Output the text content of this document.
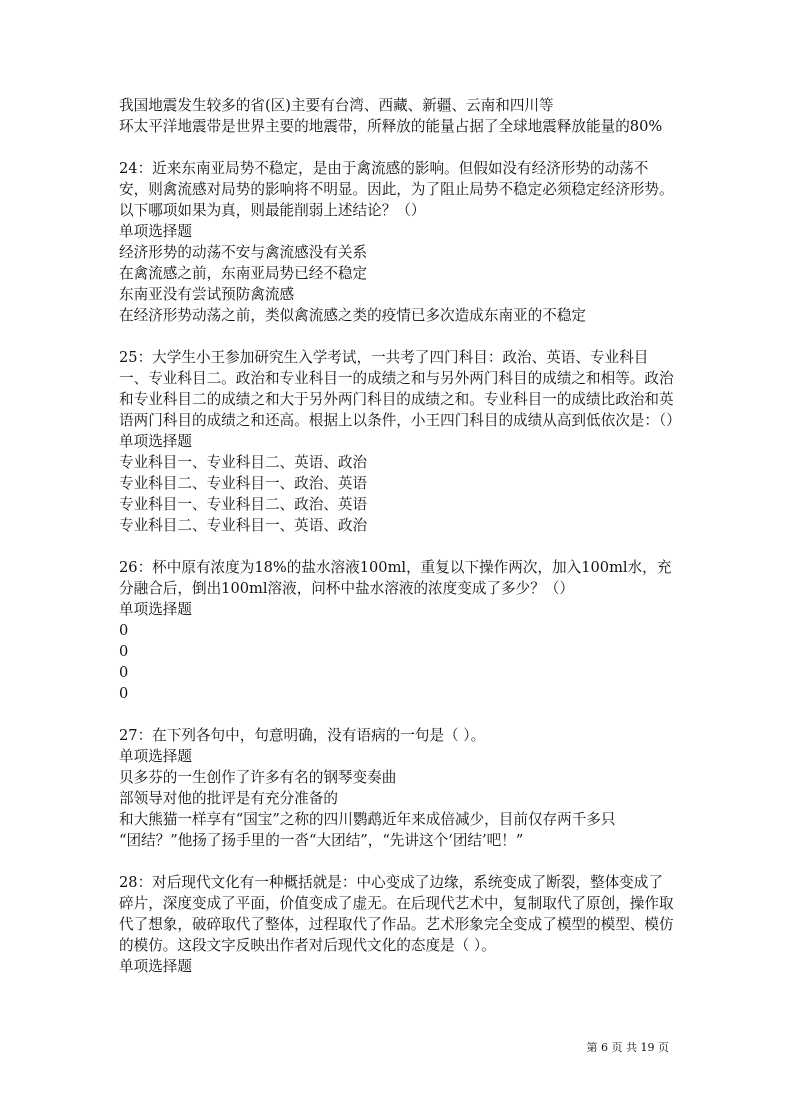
我国地震发生较多的省(区)主要有台湾、西藏、新疆、云南和四川等
环太平洋地震带是世界主要的地震带，所释放的能量占据了全球地震释放能量的80%
24：近来东南亚局势不稳定，是由于禽流感的影响。但假如没有经济形势的动荡不安，则禽流感对局势的影响将不明显。因此，为了阻止局势不稳定必须稳定经济形势。以下哪项如果为真，则最能削弱上述结论？（）
单项选择题
经济形势的动荡不安与禽流感没有关系
在禽流感之前，东南亚局势已经不稳定
东南亚没有尝试预防禽流感
在经济形势动荡之前，类似禽流感之类的疫情已多次造成东南亚的不稳定
25：大学生小王参加研究生入学考试，一共考了四门科目：政治、英语、专业科目一、专业科目二。政治和专业科目一的成绩之和与另外两门科目的成绩之和相等。政治和专业科目二的成绩之和大于另外两门科目的成绩之和。专业科目一的成绩比政治和英语两门科目的成绩之和还高。根据上以条件，小王四门科目的成绩从高到低依次是：（）
单项选择题
专业科目一、专业科目二、英语、政治
专业科目二、专业科目一、政治、英语
专业科目一、专业科目二、政治、英语
专业科目二、专业科目一、英语、政治
26：杯中原有浓度为18%的盐水溶液100ml，重复以下操作两次，加入100ml水，充分融合后，倒出100ml溶液，问杯中盐水溶液的浓度变成了多少？（）
单项选择题
0
0
0
0
27：在下列各句中，句意明确，没有语病的一句是（ ）。
单项选择题
贝多芬的一生创作了许多有名的钢琴变奏曲
部领导对他的批评是有充分准备的
和大熊猫一样享有“国宝”之称的四川鹦鹉近年来成倍减少，目前仅存两千多只
“团结？”他扬了扬手里的一沓“大团结”，“先讲这个‘团结’吧！”
28：对后现代文化有一种概括就是：中心变成了边缘，系统变成了断裂，整体变成了碎片，深度变成了平面，价值变成了虚无。在后现代艺术中，复制取代了原创，操作取代了想象，破碎取代了整体，过程取代了作品。艺术形象完全变成了模型的模型、模仿的模仿。这段文字反映出作者对后现代文化的态度是（ ）。
单项选择题
第 6 页 共 19 页
